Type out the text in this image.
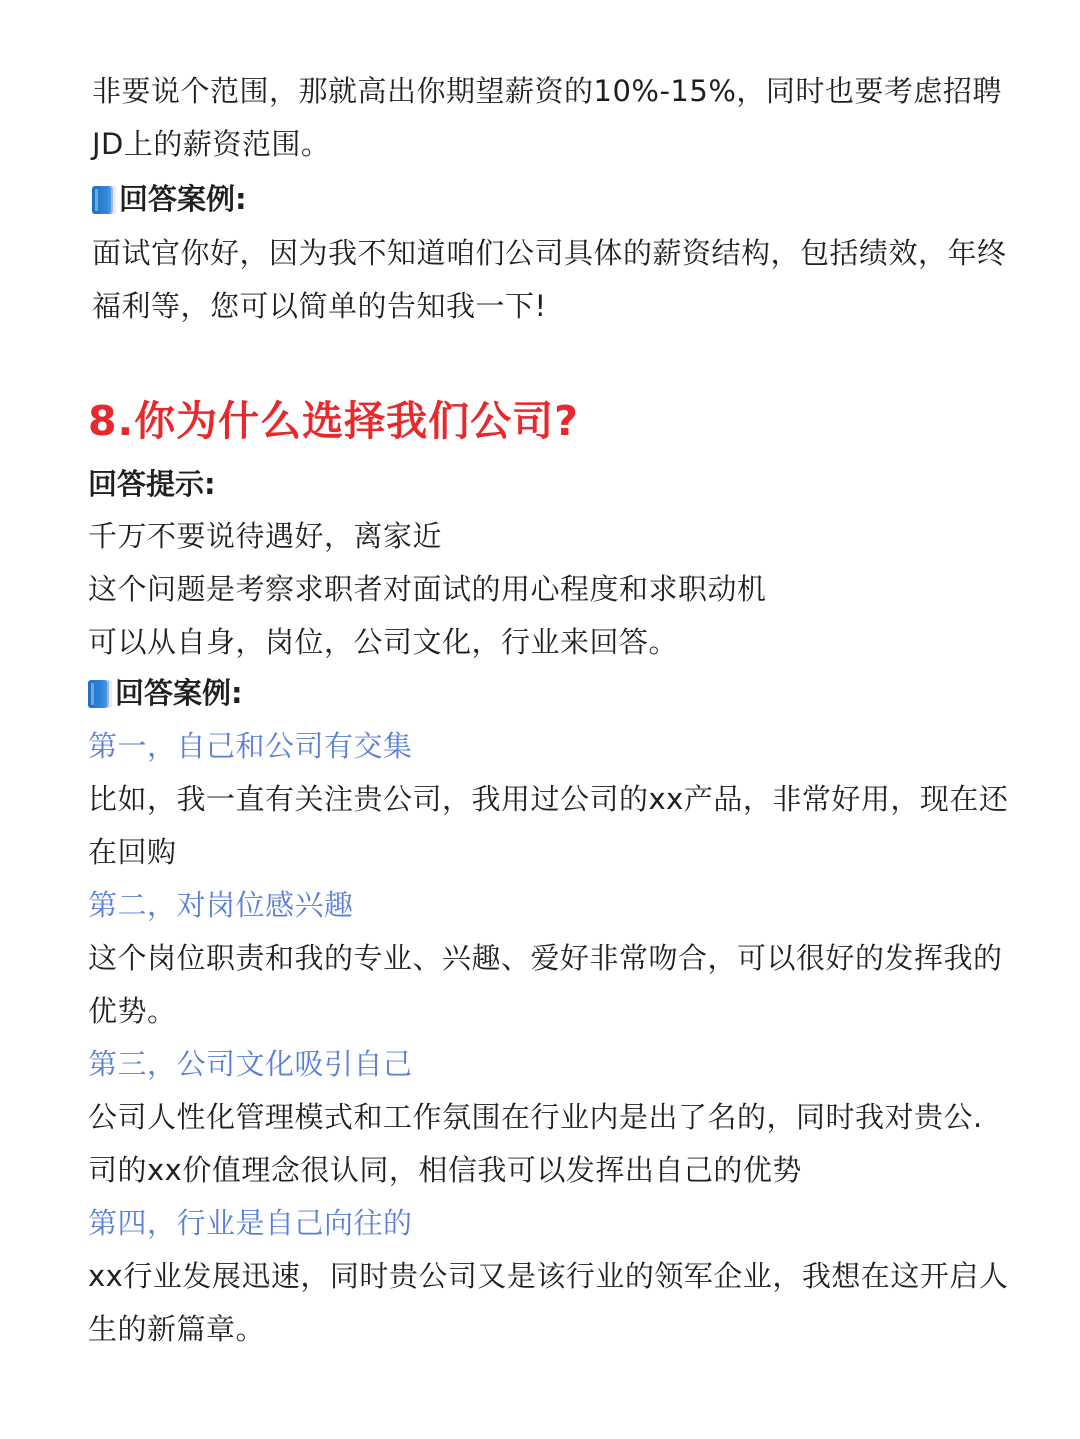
非要说个范围，那就高出你期望薪资的10%-15%，同时也要考虑招聘

JD上的薪资范围。

回答案例:

面试官你好，因为我不知道咱们公司具体的薪资结构，包括绩效，年终

福利等，您可以简单的告知我一下!

8.你为什么选择我们公司?

回答提示:

千万不要说待遇好，离家近

这个问题是考察求职者对面试的用心程度和求职动机

可以从自身，岗位，公司文化，行业来回答。

回答案例:

第一，自己和公司有交集

比如，我一直有关注贵公司，我用过公司的xx产品，非常好用，现在还

在回购

第二，对岗位感兴趣

这个岗位职责和我的专业、兴趣、爱好非常吻合，可以很好的发挥我的

优势。

第三，公司文化吸引自己

公司人性化管理模式和工作氛围在行业内是出了名的，同时我对贵公.

司的xx价值理念很认同，相信我可以发挥出自己的优势

第四，行业是自己向往的

xx行业发展迅速，同时贵公司又是该行业的领军企业，我想在这开启人

生的新篇章。
